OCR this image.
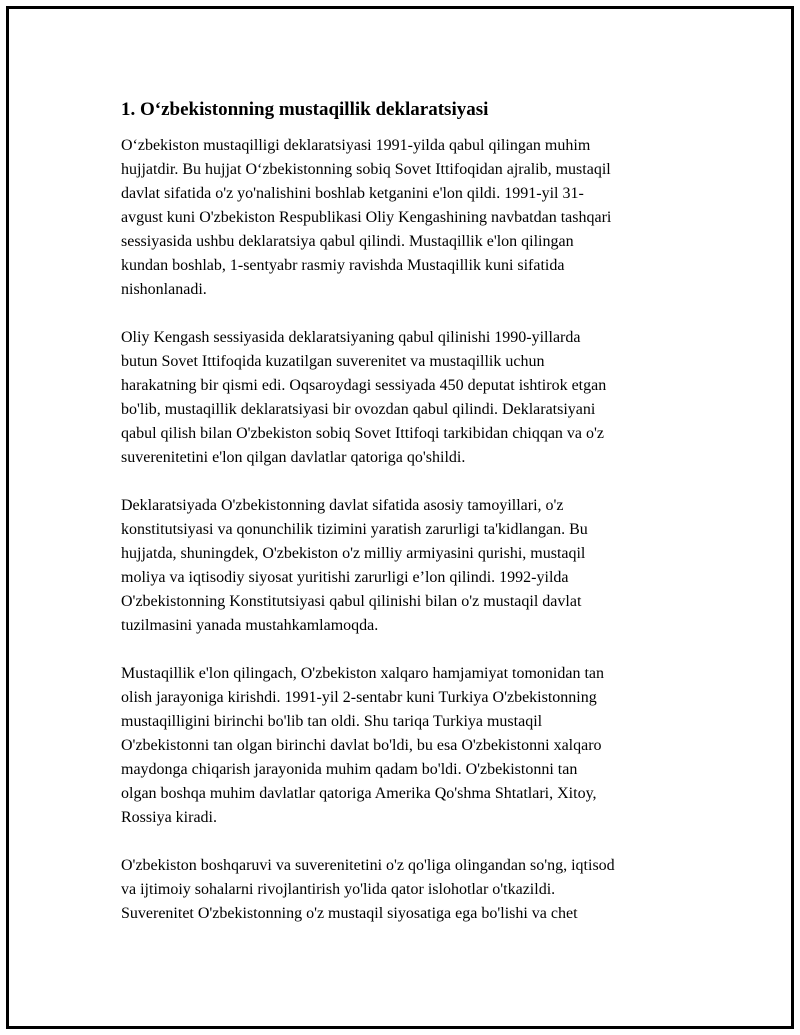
1. O‘zbekistonning mustaqillik deklaratsiyasi

O‘zbekiston mustaqilligi deklaratsiyasi 1991-yilda qabul qilingan muhim
hujjatdir. Bu hujjat O‘zbekistonning sobiq Sovet Ittifoqidan ajralib, mustaqil
davlat sifatida o'z yo'nalishini boshlab ketganini e'lon qildi. 1991-yil 31-
avgust kuni O'zbekiston Respublikasi Oliy Kengashining navbatdan tashqari
sessiyasida ushbu deklaratsiya qabul qilindi. Mustaqillik e'lon qilingan
kundan boshlab, 1-sentyabr rasmiy ravishda Mustaqillik kuni sifatida
nishonlanadi.

Oliy Kengash sessiyasida deklaratsiyaning qabul qilinishi 1990-yillarda
butun Sovet Ittifoqida kuzatilgan suverenitet va mustaqillik uchun
harakatning bir qismi edi. Oqsaroydagi sessiyada 450 deputat ishtirok etgan
bo'lib, mustaqillik deklaratsiyasi bir ovozdan qabul qilindi. Deklaratsiyani
qabul qilish bilan O'zbekiston sobiq Sovet Ittifoqi tarkibidan chiqqan va o'z
suverenitetini e'lon qilgan davlatlar qatoriga qo'shildi.

Deklaratsiyada O'zbekistonning davlat sifatida asosiy tamoyillari, o'z
konstitutsiyasi va qonunchilik tizimini yaratish zarurligi ta'kidlangan. Bu
hujjatda, shuningdek, O'zbekiston o'z milliy armiyasini qurishi, mustaqil
moliya va iqtisodiy siyosat yuritishi zarurligi e’lon qilindi. 1992-yilda
O'zbekistonning Konstitutsiyasi qabul qilinishi bilan o'z mustaqil davlat
tuzilmasini yanada mustahkamlamoqda.

Mustaqillik e'lon qilingach, O'zbekiston xalqaro hamjamiyat tomonidan tan
olish jarayoniga kirishdi. 1991-yil 2-sentabr kuni Turkiya O'zbekistonning
mustaqilligini birinchi bo'lib tan oldi. Shu tariqa Turkiya mustaqil
O'zbekistonni tan olgan birinchi davlat bo'ldi, bu esa O'zbekistonni xalqaro
maydonga chiqarish jarayonida muhim qadam bo'ldi. O'zbekistonni tan
olgan boshqa muhim davlatlar qatoriga Amerika Qo'shma Shtatlari, Xitoy,
Rossiya kiradi.

O'zbekiston boshqaruvi va suverenitetini o'z qo'liga olingandan so'ng, iqtisod
va ijtimoiy sohalarni rivojlantirish yo'lida qator islohotlar o'tkazildi.
Suverenitet O'zbekistonning o'z mustaqil siyosatiga ega bo'lishi va chet
